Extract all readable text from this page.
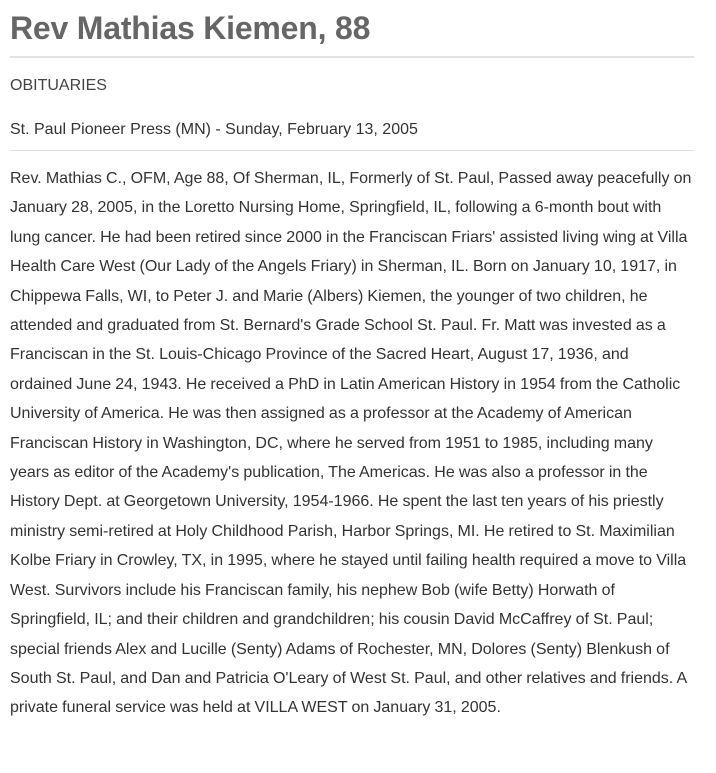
Rev Mathias Kiemen, 88

OBITUARIES

St. Paul Pioneer Press (MN) - Sunday, February 13, 2005

Rev. Mathias C., OFM, Age 88, Of Sherman, IL, Formerly of St. Paul, Passed away peacefully on January 28, 2005, in the Loretto Nursing Home, Springfield, IL, following a 6-month bout with lung cancer. He had been retired since 2000 in the Franciscan Friars' assisted living wing at Villa Health Care West (Our Lady of the Angels Friary) in Sherman, IL. Born on January 10, 1917, in Chippewa Falls, WI, to Peter J. and Marie (Albers) Kiemen, the younger of two children, he attended and graduated from St. Bernard's Grade School St. Paul. Fr. Matt was invested as a Franciscan in the St. Louis-Chicago Province of the Sacred Heart, August 17, 1936, and ordained June 24, 1943. He received a PhD in Latin American History in 1954 from the Catholic University of America. He was then assigned as a professor at the Academy of American Franciscan History in Washington, DC, where he served from 1951 to 1985, including many years as editor of the Academy's publication, The Americas. He was also a professor in the History Dept. at Georgetown University, 1954-1966. He spent the last ten years of his priestly ministry semi-retired at Holy Childhood Parish, Harbor Springs, MI. He retired to St. Maximilian Kolbe Friary in Crowley, TX, in 1995, where he stayed until failing health required a move to Villa West. Survivors include his Franciscan family, his nephew Bob (wife Betty) Horwath of Springfield, IL; and their children and grandchildren; his cousin David McCaffrey of St. Paul; special friends Alex and Lucille (Senty) Adams of Rochester, MN, Dolores (Senty) Blenkush of South St. Paul, and Dan and Patricia O'Leary of West St. Paul, and other relatives and friends. A private funeral service was held at VILLA WEST on January 31, 2005.
